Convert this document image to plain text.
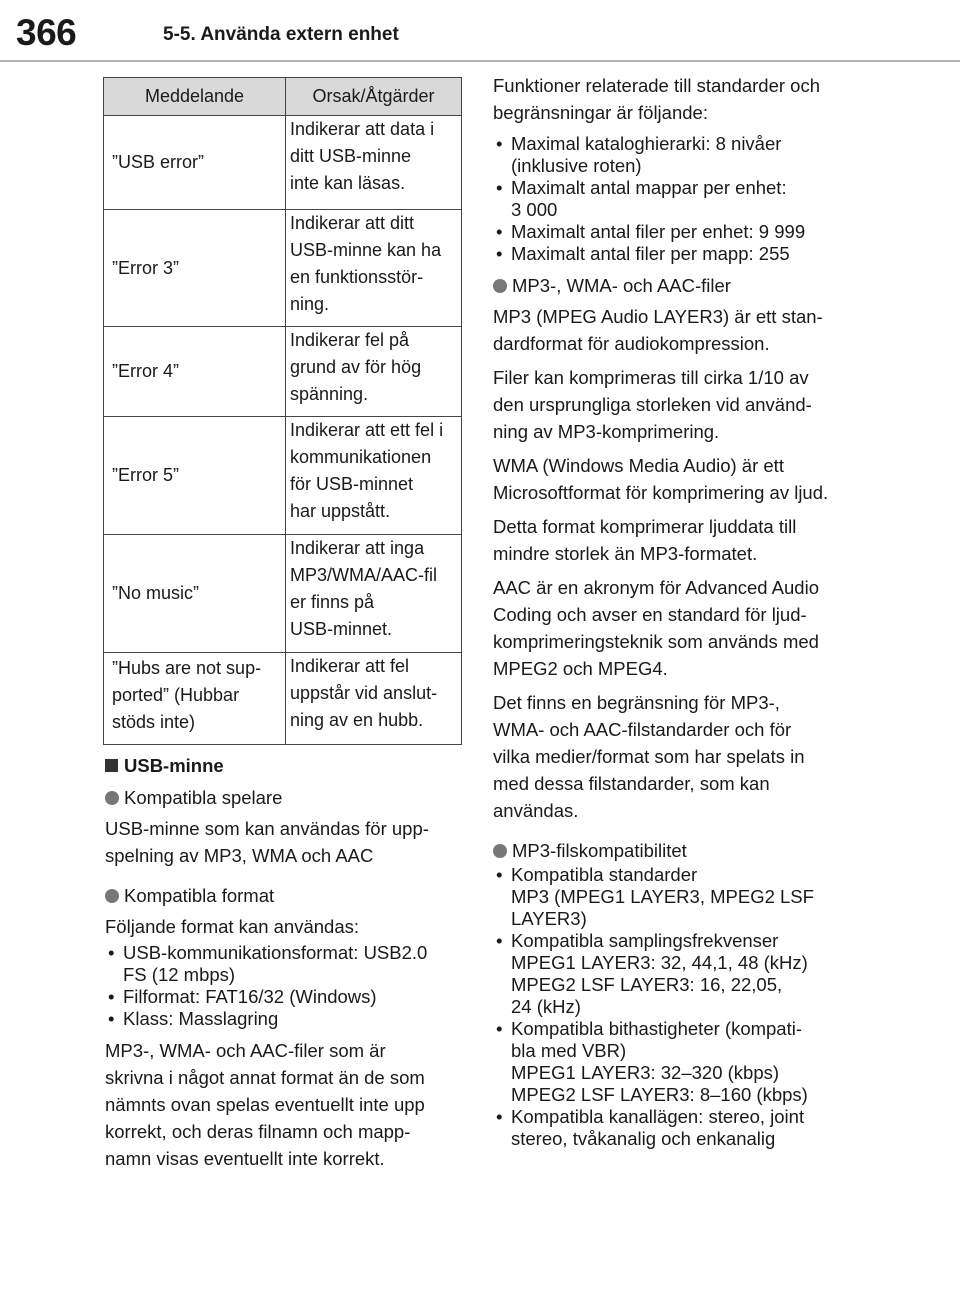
366	5-5. Använda extern enhet
Meddelande	Orsak/Åtgärder
”USB error”	Indikerar att data i
ditt USB-minne
inte kan läsas.

”Error 3”	Indikerar att ditt
USB-minne kan ha
en funktionsstör-
ning.

”Error 4”	Indikerar fel på
grund av för hög
spänning.

”Error 5”	Indikerar att ett fel i
kommunikationen
för USB-minnet
har uppstått.

”No music”	Indikerar att inga
MP3/WMA/AAC-fil
er finns på
USB-minnet.

”Hubs are not sup-
ported” (Hubbar
stöds inte)	Indikerar att fel
uppstår vid anslut-
ning av en hubb.
USB-minne
Kompatibla spelare

USB-minne som kan användas för upp-
spelning av MP3, WMA och AAC

Kompatibla format

Följande format kan användas:

• USB-kommunikationsformat: USB2.0
FS (12 mbps)
• Filformat: FAT16/32 (Windows)
• Klass: Masslagring

MP3-, WMA- och AAC-filer som är
skrivna i något annat format än de som
nämnts ovan spelas eventuellt inte upp
korrekt, och deras filnamn och mapp-
namn visas eventuellt inte korrekt.

Funktioner relaterade till standarder och
begränsningar är följande:

• Maximal kataloghierarki: 8 nivåer
(inklusive roten)
• Maximalt antal mappar per enhet:
3 000
• Maximalt antal filer per enhet: 9 999
• Maximalt antal filer per mapp: 255
MP3-, WMA- och AAC-filer

MP3 (MPEG Audio LAYER3) är ett stan-
dardformat för audiokompression.

Filer kan komprimeras till cirka 1/10 av
den ursprungliga storleken vid använd-
ning av MP3-komprimering.

WMA (Windows Media Audio) är ett
Microsoftformat för komprimering av ljud.

Detta format komprimerar ljuddata till
mindre storlek än MP3-formatet.

AAC är en akronym för Advanced Audio
Coding och avser en standard för ljud-
komprimeringsteknik som används med
MPEG2 och MPEG4.

Det finns en begränsning för MP3-,
WMA- och AAC-filstandarder och för
vilka medier/format som har spelats in
med dessa filstandarder, som kan
användas.

MP3-filskompatibilitet
• Kompatibla standarder
MP3 (MPEG1 LAYER3, MPEG2 LSF
LAYER3)
• Kompatibla samplingsfrekvenser
MPEG1 LAYER3: 32, 44,1, 48 (kHz)
MPEG2 LSF LAYER3: 16, 22,05,
24 (kHz)
• Kompatibla bithastigheter (kompati-
bla med VBR)
MPEG1 LAYER3: 32–320 (kbps)
MPEG2 LSF LAYER3: 8–160 (kbps)
• Kompatibla kanallägen: stereo, joint
stereo, tvåkanalig och enkanalig
